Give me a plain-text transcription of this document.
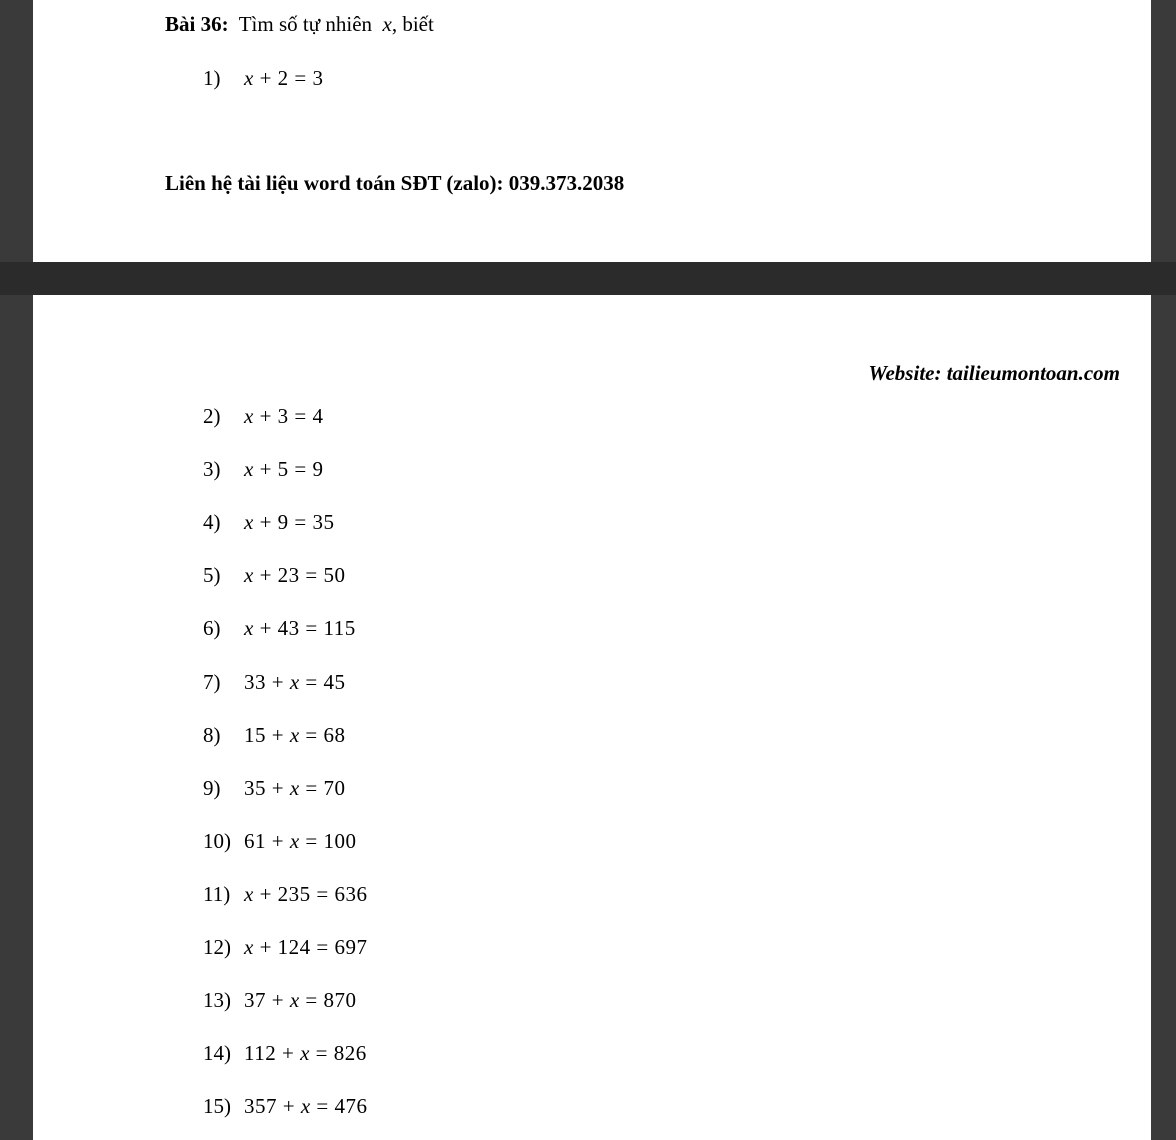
Bài 36: Tìm số tự nhiên x, biết
1)	x + 2 = 3
Liên hệ tài liệu word toán SĐT (zalo): 039.373.2038
Website: tailieumontoan.com
2)	x + 3 = 4
3)	x + 5 = 9
4)	x + 9 = 35
5)	x + 23 = 50
6)	x + 43 = 115
7)	33 + x = 45
8)	15 + x = 68
9)	35 + x = 70
10) 61 + x = 100
11) x + 235 = 636
12) x + 124 = 697
13) 37 + x = 870
14) 112 + x = 826
15) 357 + x = 476
